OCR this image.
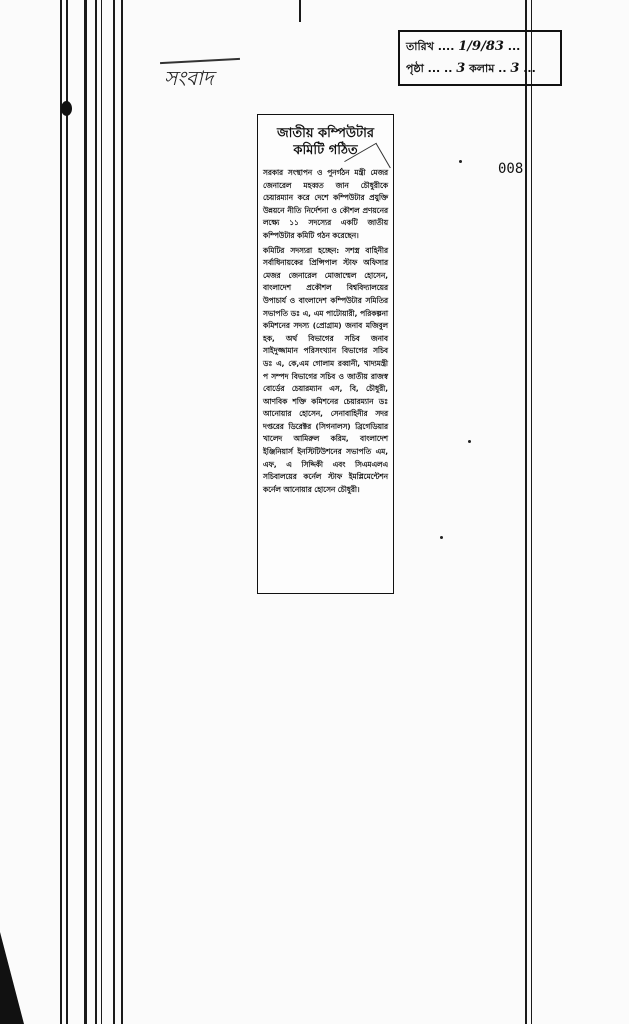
সংবাদ
তারিখ .... 1/9/83 ...
পৃষ্ঠা ... .. 3 কলাম .. 3 ...
008
জাতীয় কম্পিউটার
কমিটি গঠিত

সরকার সংস্থাপন ও পুনর্গঠন মন্ত্রী মেজর জেনারেল মহব্বত জান চৌধুরীকে চেয়ারম্যান করে দেশে কম্পিউটার প্রযুক্তি উন্নয়নে নীতি নির্দেশনা ও কৌশল প্রণয়নের লক্ষ্যে ১১ সদস্যের একটি জাতীয় কম্পিউটার কমিটি গঠন করেছেন।

কমিটির সদস্যরা হচ্ছেন: সশস্ত্র বাহিনীর সর্বাধিনায়কের প্রিন্সিপাল স্টাফ অফিসার মেজর জেনারেল মোজাম্মেল হোসেন, বাংলাদেশ প্রকৌশল বিশ্ববিদ্যালয়ের উপাচার্য ও বাংলাদেশ কম্পিউটার সমিতির সভাপতি ডঃ এ, এম পাটোয়ারী, পরিকল্পনা কমিশনের সদস্য (প্রোগ্রাম) জনাব মজিবুল হক, অর্থ বিভাগের সচিব জনাব সাইদুজ্জামান পরিসংখ্যান বিভাগের সচিব ডঃ এ, কে,এম গোলাম রব্বানী, খাদ্যমন্ত্রী প সম্পদ বিভাগের সচিব ও জাতীয় রাজস্ব বোর্ডের চেয়ারম্যান এস, বি, চৌধুরী, আণবিক শক্তি কমিশনের চেয়ারম্যান ডঃ আনোয়ার হোসেন, সেনাবাহিনীর সদর দপ্তরের ডিরেক্টর (সিগনালস) ব্রিগেডিয়ার খালেদ আমিরুল করিম, বাংলাদেশ ইঞ্জিনিয়ার্স ইনস্টিটিউশনের সভাপতি এম, এফ, এ সিদ্দিকী এবং সিএমএলএ সচিবালয়ের কর্নেল স্টাফ ইমপ্লিমেন্টেশন কর্নেল আনোয়ার হোসেন চৌধুরী।
